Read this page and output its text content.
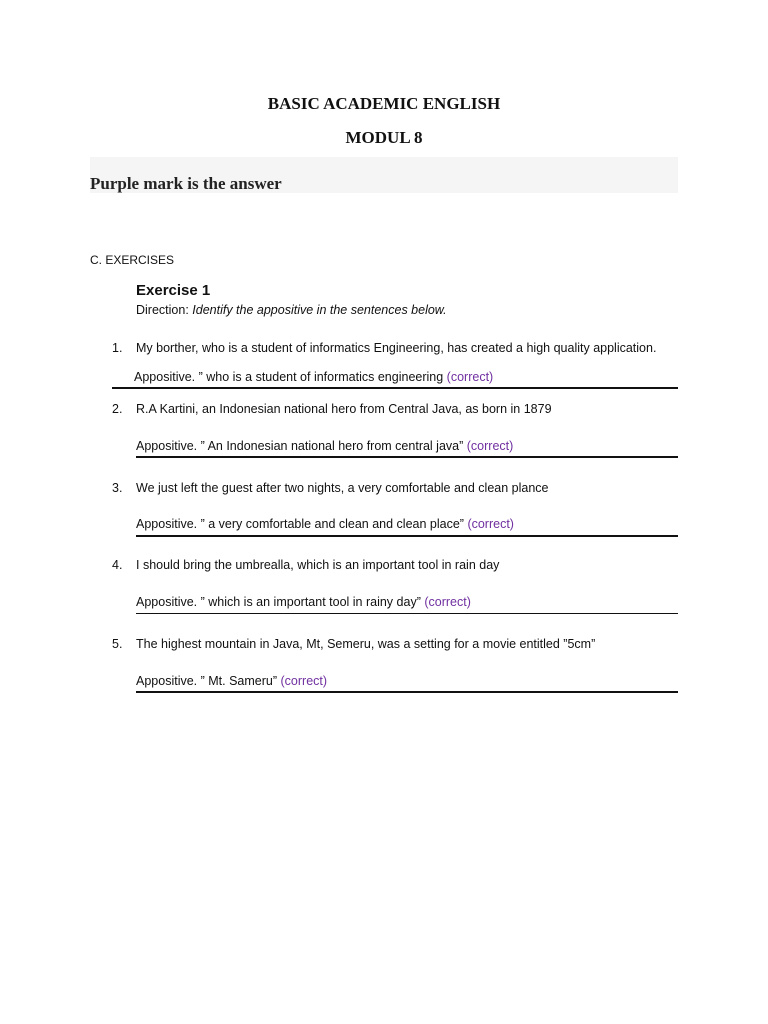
BASIC ACADEMIC ENGLISH
MODUL 8
Purple mark is the answer
C. EXERCISES
Exercise 1
Direction: Identify the appositive in the sentences below.
1. My borther, who is a student of informatics Engineering, has created a high quality application.
Appositive. ” who is a student of informatics engineering (correct)
2. R.A Kartini, an Indonesian national hero from Central Java, as born in 1879
Appositive. ” An Indonesian national hero from central java” (correct)
3. We just left the guest after two nights, a very comfortable and clean plance
Appositive. ” a very comfortable and clean and clean place” (correct)
4. I should bring the umbrealla, which is an important tool in rain day
Appositive. ” which is an important tool in rainy day” (correct)
5. The highest mountain in Java, Mt, Semeru, was a setting for a movie entitled ”5cm”
Appositive. ” Mt. Sameru” (correct)
